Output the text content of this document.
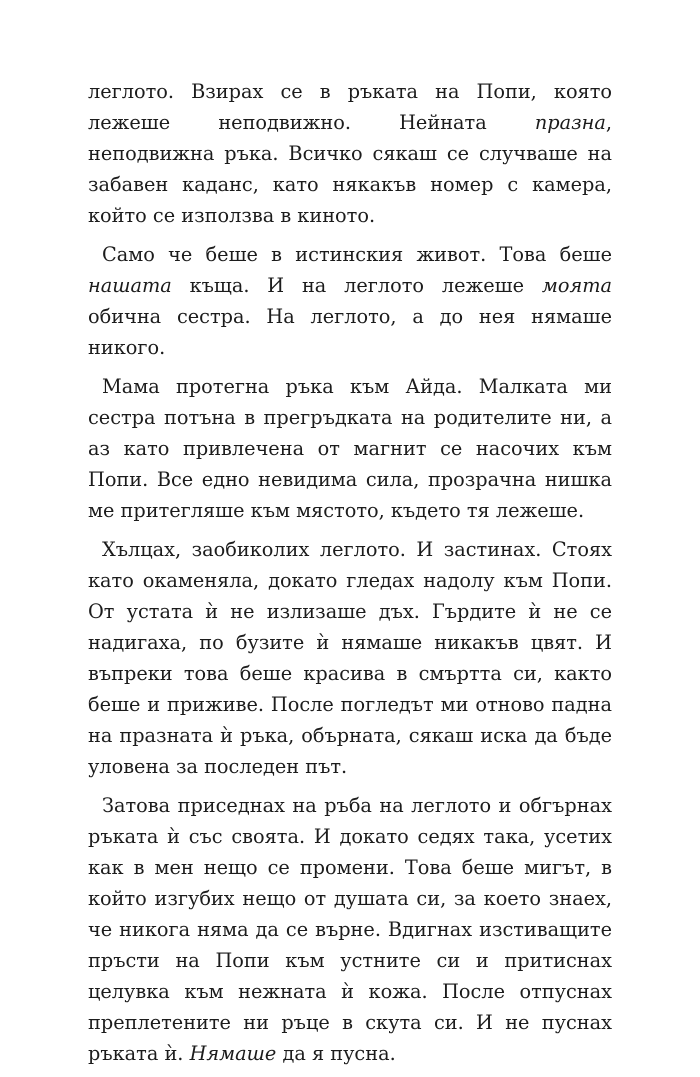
леглото. Взирах се в ръката на Попи, която лежеше неподвижно. Нейната празна, неподвижна ръка. Всичко сякаш се случваше на забавен каданс, като някакъв номер с камера, който се използва в киното.

Само че беше в истинския живот. Това беше нашата къща. И на леглото лежеше моята обична сестра. На леглото, а до нея нямаше никого.

Мама протегна ръка към Айда. Малката ми сестра потъна в прегръдката на родителите ни, а аз като привлечена от магнит се насочих към Попи. Все едно невидима сила, прозрачна нишка ме притегляше към мястото, където тя лежеше.

Хълцах, заобиколих леглото. И застинах. Стоях като окаменяла, докато гледах надолу към Попи. От устата ѝ не излизаше дъх. Гърдите ѝ не се надигаха, по бузите ѝ нямаше никакъв цвят. И въпреки това беше красива в смъртта си, както беше и приживе. После погледът ми отново падна на празната ѝ ръка, обърната, сякаш иска да бъде уловена за последен път.

Затова приседнах на ръба на леглото и обгърнах ръката ѝ със своята. И докато седях така, усетих как в мен нещо се промени. Това беше мигът, в който изгубих нещо от душата си, за което знаех, че никога няма да се върне. Вдигнах изстиващите пръсти на Попи към устните си и притиснах целувка към нежната ѝ кожа. После отпуснах преплетените ни ръце в скута си. И не пуснах ръката ѝ. Нямаше да я пусна.
